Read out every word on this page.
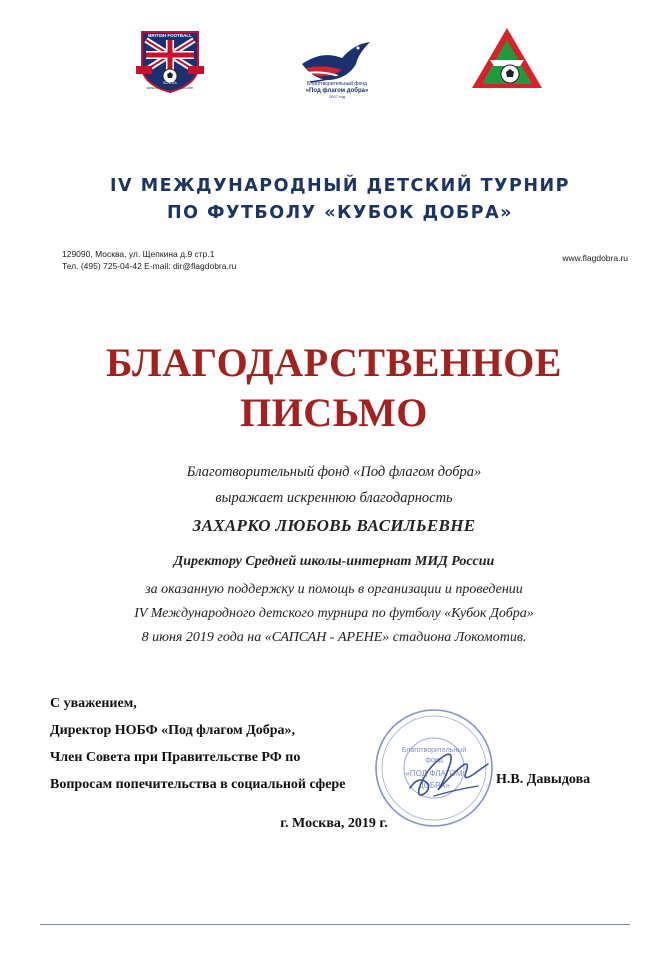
BRITISH FOOTBALL
SCHOOL
www.britishfootballschool.com
Благотворительный фонд
«Под флагом добра»
2007 год
IV МЕЖДУНАРОДНЫЙ ДЕТСКИЙ ТУРНИР
ПО ФУТБОЛУ «КУБОК ДОБРА»
129090, Москва, ул. Щепкина д.9 стр.1
Тел. (495) 725-04-42 E-mail: dir@flagdobra.ru
www.flagdobra.ru
БЛАГОДАРСТВЕННОЕ
ПИСЬМО
Благотворительный фонд «Под флагом добра»
выражает искреннюю благодарность
ЗАХАРКО ЛЮБОВЬ ВАСИЛЬЕВНЕ
Директору Средней школы-интернат МИД России
за оказанную поддержку и помощь в организации и проведении
IV Международного детского турнира по футболу «Кубок Добра»
8 июня 2019 года на «САПСАН - АРЕНЕ» стадиона Локомотив.
Благотворительный
фонд
«ПОД ФЛАГОМ
ДОБРА»
С уважением,
Директор НОБФ «Под флагом Добра»,
Член Совета при Правительстве РФ по
Вопросам попечительства в социальной сфере	Н.В. Давыдова
г. Москва, 2019 г.
